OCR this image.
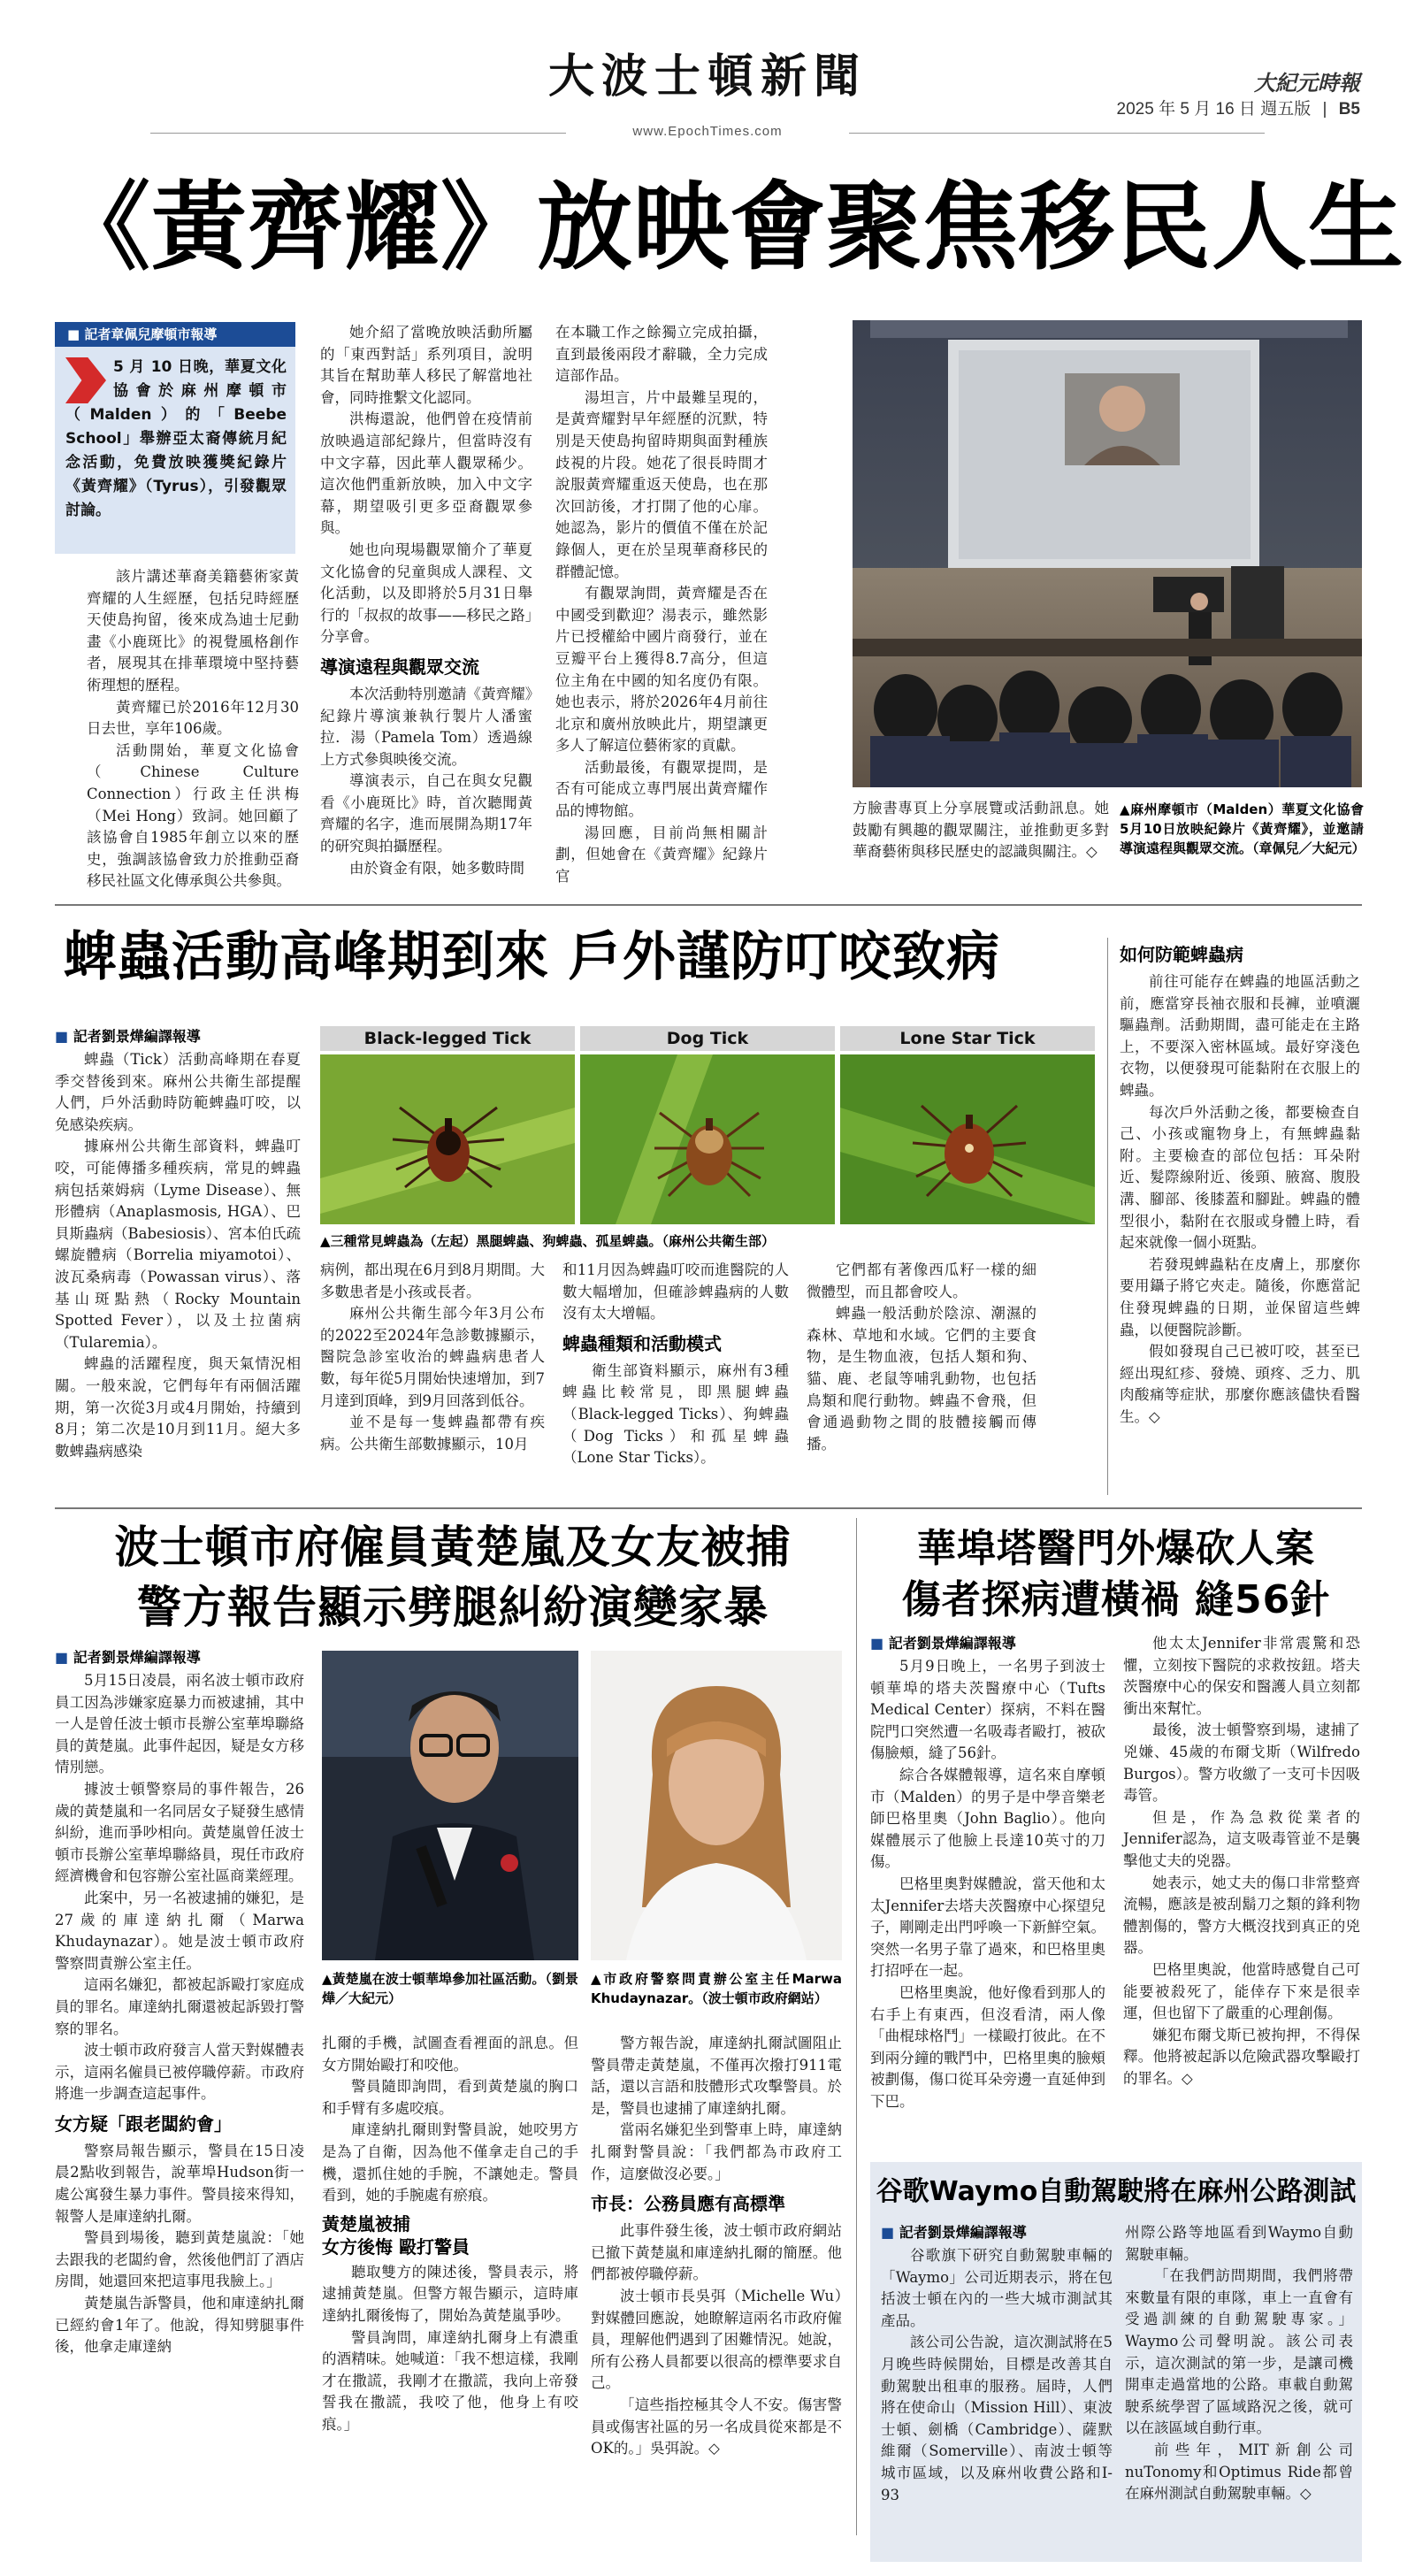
大波士頓新聞
www.EpochTimes.com
大紀元時報
2025 年 5 月 16 日 週五版 | B5
《黃齊耀》放映會聚焦移民人生
■ 記者章佩兒摩頓市報導
5 月 10 日晚，華夏文化協會於麻州摩頓市（Malden）的「Beebe School」舉辦亞太裔傳統月紀念活動，免費放映獲獎紀錄片《黃齊耀》（Tyrus），引發觀眾討論。

該片講述華裔美籍藝術家黃齊耀的人生經歷，包括兒時經歷天使島拘留，後來成為迪士尼動畫《小鹿斑比》的視覺風格創作者，展現其在排華環境中堅持藝術理想的歷程。

黃齊耀已於2016年12月30日去世，享年106歲。

活動開始，華夏文化協會（Chinese Culture Connection）行政主任洪梅（Mei Hong）致詞。她回顧了該協會自1985年創立以來的歷史，強調該協會致力於推動亞裔移民社區文化傳承與公共參與。

她介紹了當晚放映活動所屬的「東西對話」系列項目，說明其旨在幫助華人移民了解當地社會，同時推繫文化認同。

洪梅還說，他們曾在疫情前放映過這部紀錄片，但當時沒有中文字幕，因此華人觀眾稀少。這次他們重新放映，加入中文字幕，期望吸引更多亞裔觀眾參與。

她也向現場觀眾簡介了華夏文化協會的兒童與成人課程、文化活動，以及即將於5月31日舉行的「叔叔的故事——移民之路」分享會。

導演遠程與觀眾交流

本次活動特別邀請《黃齊耀》紀錄片導演兼執行製片人潘蜜拉．湯（Pamela Tom）透過線上方式參與映後交流。

導演表示，自己在與女兒觀看《小鹿斑比》時，首次聽聞黃齊耀的名字，進而展開為期17年的研究與拍攝歷程。

由於資金有限，她多數時間

在本職工作之餘獨立完成拍攝，直到最後兩段才辭職，全力完成這部作品。

湯坦言，片中最難呈現的，是黃齊耀對早年經歷的沉默，特別是天使島拘留時期與面對種族歧視的片段。她花了很長時間才說服黃齊耀重返天使島，也在那次回訪後，才打開了他的心扉。她認為，影片的價值不僅在於記錄個人，更在於呈現華裔移民的群體記憶。

有觀眾詢問，黃齊耀是否在中國受到歡迎？湯表示，雖然影片已授權給中國片商發行，並在豆瓣平台上獲得8.7高分，但這位主角在中國的知名度仍有限。她也表示，將於2026年4月前往北京和廣州放映此片，期望讓更多人了解這位藝術家的貢獻。

活動最後，有觀眾提問，是否有可能成立專門展出黃齊耀作品的博物館。

湯回應，目前尚無相關計劃，但她會在《黃齊耀》紀錄片官

方臉書專頁上分享展覽或活動訊息。她鼓勵有興趣的觀眾關注，並推動更多對華裔藝術與移民歷史的認識與關注。◇

▲麻州摩頓市（Malden）華夏文化協會5月10日放映紀錄片《黃齊耀》，並邀請導演遠程與觀眾交流。（章佩兒／大紀元）
蜱蟲活動高峰期到來 戶外謹防叮咬致病
■ 記者劉景燁編譯報導

蜱蟲（Tick）活動高峰期在春夏季交替後到來。麻州公共衛生部提醒人們，戶外活動時防範蜱蟲叮咬，以免感染疾病。

據麻州公共衛生部資料，蜱蟲叮咬，可能傳播多種疾病，常見的蜱蟲病包括萊姆病（Lyme Disease）、無形體病（Anaplasmosis, HGA）、巴貝斯蟲病（Babesiosis）、宮本伯氏疏螺旋體病（Borrelia miyamotoi）、波瓦桑病毒（Powassan virus）、落基山斑點熱（Rocky Mountain Spotted Fever），以及土拉菌病（Tularemia）。

蜱蟲的活躍程度，與天氣情況相關。一般來說，它們每年有兩個活躍期，第一次從3月或4月開始，持續到8月；第二次是10月到11月。絕大多數蜱蟲病感染

Black-legged Tick	Dog Tick	Lone Star Tick
▲三種常見蜱蟲為（左起）黑腿蜱蟲、狗蜱蟲、孤星蜱蟲。（麻州公共衛生部）

病例，都出現在6月到8月期間。大多數患者是小孩或長者。

麻州公共衛生部今年3月公布的2022至2024年急診數據顯示，醫院急診室收治的蜱蟲病患者人數，每年從5月開始快速增加，到7月達到頂峰，到9月回落到低谷。

並不是每一隻蜱蟲都帶有疾病。公共衛生部數據顯示，10月

和11月因為蜱蟲叮咬而進醫院的人數大幅增加，但確診蜱蟲病的人數沒有太大增幅。

蜱蟲種類和活動模式

衛生部資料顯示，麻州有3種蜱蟲比較常見，即黑腿蜱蟲（Black-legged Ticks）、狗蜱蟲（Dog Ticks）和孤星蜱蟲（Lone Star Ticks）。

它們都有著像西瓜籽一樣的細微體型，而且都會咬人。

蜱蟲一般活動於陰涼、潮濕的森林、草地和水域。它們的主要食物，是生物血液，包括人類和狗、貓、鹿、老鼠等哺乳動物，也包括鳥類和爬行動物。蜱蟲不會飛，但會通過動物之間的肢體接觸而傳播。

如何防範蜱蟲病

前往可能存在蜱蟲的地區活動之前，應當穿長袖衣服和長褲，並噴灑驅蟲劑。活動期間，盡可能走在主路上，不要深入密林區域。最好穿淺色衣物，以便發現可能黏附在衣服上的蜱蟲。

每次戶外活動之後，都要檢查自己、小孩或寵物身上，有無蜱蟲黏附。主要檢查的部位包括：耳朵附近、髮際線附近、後頸、腋窩、腹股溝、腳部、後膝蓋和腳趾。蜱蟲的體型很小，黏附在衣服或身體上時，看起來就像一個小斑點。

若發現蜱蟲粘在皮膚上，那麼你要用鑷子將它夾走。隨後，你應當記住發現蜱蟲的日期，並保留這些蜱蟲，以便醫院診斷。

假如發現自己已被叮咬，甚至已經出現紅疹、發燒、頭疼、乏力、肌肉酸痛等症狀，那麼你應該儘快看醫生。◇

波士頓市府僱員黃楚嵐及女友被捕
警方報告顯示劈腿糾紛演變家暴
■ 記者劉景燁編譯報導

5月15日凌晨，兩名波士頓市政府員工因為涉嫌家庭暴力而被逮捕，其中一人是曾任波士頓市長辦公室華埠聯絡員的黃楚嵐。此事件起因，疑是女方移情別戀。

據波士頓警察局的事件報告，26歲的黃楚嵐和一名同居女子疑發生感情糾紛，進而爭吵相向。黃楚嵐曾任波士頓市長辦公室華埠聯絡員，現任市政府經濟機會和包容辦公室社區商業經理。

此案中，另一名被逮捕的嫌犯，是27歲的庫達納扎爾（Marwa Khudaynazar）。她是波士頓市政府警察問責辦公室主任。

這兩名嫌犯，都被起訴毆打家庭成員的罪名。庫達納扎爾還被起訴毀打警察的罪名。

波士頓市政府發言人當天對媒體表示，這兩名僱員已被停職停薪。市政府將進一步調查這起事件。

女方疑「跟老闆約會」

警察局報告顯示，警員在15日凌晨2點收到報告，說華埠Hudson街一處公寓發生暴力事件。警員接來得知，報警人是庫達納扎爾。

警員到場後，聽到黃楚嵐說：「她去跟我的老闆約會，然後他們訂了酒店房間，她還回來把這事甩我臉上。」

黃楚嵐告訴警員，他和庫達納扎爾已經約會1年了。他說，得知劈腿事件後，他拿走庫達納

▲黃楚嵐在波士頓華埠參加社區活動。（劉景燁／大紀元）
▲市政府警察問責辦公室主任Marwa Khudaynazar。（波士頓市政府網站）

扎爾的手機，試圖查看裡面的訊息。但女方開始毆打和咬他。

警員隨即詢問，看到黃楚嵐的胸口和手臂有多處咬痕。

庫達納扎爾則對警員說，她咬男方是為了自衛，因為他不僅拿走自己的手機，還抓住她的手腕，不讓她走。警員看到，她的手腕處有瘀痕。

黃楚嵐被捕
女方後悔 毆打警員

聽取雙方的陳述後，警員表示，將逮捕黃楚嵐。但警方報告顯示，這時庫達納扎爾後悔了，開始為黃楚嵐爭吵。

警員詢問，庫達納扎爾身上有濃重的酒精味。她喊道：「我不想這樣，我剛才在撒謊，我剛才在撒謊，我向上帝發誓我在撒謊，我咬了他，他身上有咬痕。」

警方報告說，庫達納扎爾試圖阻止警員帶走黃楚嵐，不僅再次撥打911電話，還以言語和肢體形式攻擊警員。於是，警員也逮捕了庫達納扎爾。

當兩名嫌犯坐到警車上時，庫達納扎爾對警員說：「我們都為市政府工作，這麼做沒必要。」

市長：公務員應有高標準

此事件發生後，波士頓市政府網站已撤下黃楚嵐和庫達納扎爾的簡歷。他們都被停職停薪。

波士頓市長吳弭（Michelle Wu）對媒體回應說，她瞭解這兩名市政府僱員，理解他們遇到了困難情況。她說，所有公務人員都要以很高的標準要求自己。

「這些指控極其令人不安。傷害警員或傷害社區的另一名成員從來都是不OK的。」吳弭說。◇

華埠塔醫門外爆砍人案
傷者探病遭橫禍 縫56針
■ 記者劉景燁編譯報導

5月9日晚上，一名男子到波士頓華埠的塔夫茨醫療中心（Tufts Medical Center）探病，不料在醫院門口突然遭一名吸毒者毆打，被砍傷臉頰，縫了56針。

綜合各媒體報導，這名來自摩頓市（Malden）的男子是中學音樂老師巴格里奧（John Baglio）。他向媒體展示了他臉上長達10英寸的刀傷。

巴格里奧對媒體說，當天他和太太Jennifer去塔夫茨醫療中心探望兒子，剛剛走出門呼喚一下新鮮空氣。突然一名男子靠了過來，和巴格里奧打招呼在一起。

巴格里奧說，他好像看到那人的右手上有東西，但沒看清，兩人像「曲棍球格鬥」一樣毆打彼此。在不到兩分鐘的戰鬥中，巴格里奧的臉頰被劃傷，傷口從耳朵旁邊一直延伸到下巴。

他太太Jennifer非常震驚和恐懼，立刻按下醫院的求救按鈕。塔夫茨醫療中心的保安和醫護人員立刻都衝出來幫忙。

最後，波士頓警察到場，逮捕了兇嫌、45歲的布爾戈斯（Wilfredo Burgos）。警方收繳了一支可卡因吸毒管。

但是，作為急救從業者的Jennifer認為，這支吸毒管並不是襲擊他丈夫的兇器。

她表示，她丈夫的傷口非常整齊流暢，應該是被刮鬍刀之類的鋒利物體割傷的，警方大概沒找到真正的兇器。

巴格里奧說，他當時感覺自己可能要被殺死了，能倖存下來是很幸運，但也留下了嚴重的心理創傷。

嫌犯布爾戈斯已被拘押，不得保釋。他將被起訴以危險武器攻擊毆打的罪名。◇

谷歌Waymo自動駕駛將在麻州公路測試
■ 記者劉景燁編譯報導

谷歌旗下研究自動駕駛車輛的「Waymo」公司近期表示，將在包括波士頓在內的一些大城市測試其產品。

該公司公告說，這次測試將在5月晚些時候開始，目標是改善其自動駕駛出租車的服務。屆時，人們將在使命山（Mission Hill）、東波士頓、劍橋（Cambridge）、薩默維爾（Somerville）、南波士頓等城市區域，以及麻州收費公路和I-93

州際公路等地區看到Waymo自動駕駛車輛。

「在我們訪問期間，我們將帶來數量有限的車隊，車上一直會有受過訓練的自動駕駛專家。」Waymo公司聲明說。該公司表示，這次測試的第一步，是讓司機開車走過當地的公路。車載自動駕駛系統學習了區域路況之後，就可以在該區域自動行車。

前些年，MIT新創公司nuTonomy和Optimus Ride都曾在麻州測試自動駕駛車輛。◇
